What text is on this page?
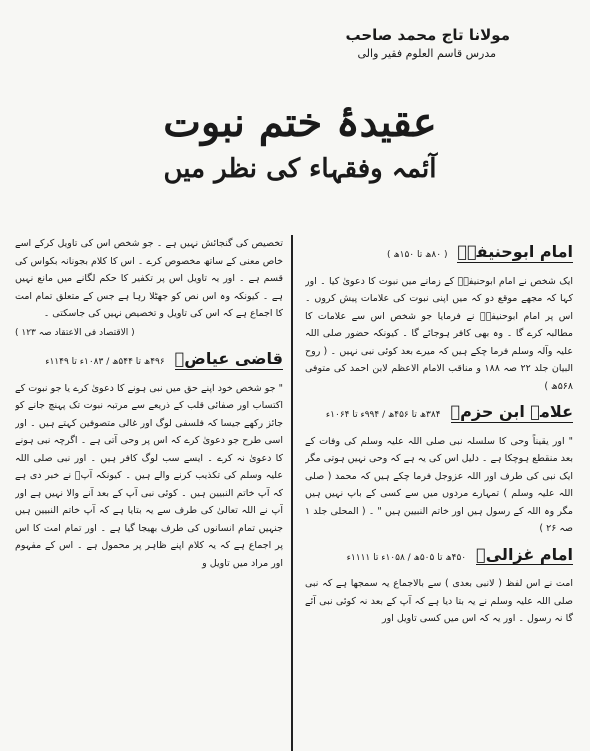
مولانا تاج محمد صاحب
مدرس قاسم العلوم فقیر والی
عقیدۂ ختم نبوت
آئمہ وفقہاء کی نظر میں
امام ابوحنیفہؒ
( ۸۰ھ تا ۱۵۰ھ )

ایک شخص نے امام ابوحنیفہؒ کے زمانے میں نبوت کا دعویٰ کیا ۔ اور کہا کہ مجھے موقع دو کہ میں اپنی نبوت کی علامات پیش کروں ۔ اس پر امام ابوحنیفہؒ نے فرمایا جو شخص اس سے علامات کا مطالبہ کرے گا ۔ وہ بھی کافر ہوجائے گا ۔ کیونکہ حضور صلی اللہ علیہ وآلہ وسلم فرما چکے ہیں کہ میرے بعد کوئی نبی نہیں ۔ ( روح البیان جلد ۲۲ صہ ۱۸۸ و مناقب الامام الاعظم لابن احمد کی متوفی ۵۶۸ھ )

علامہ ابن حزمؒ
۳۸۴ھ تا ۴۵۶ھ / ۹۹۴ء تا ۱۰۶۴ء

" اور یقیناً وحی کا سلسلہ نبی صلی اللہ علیہ وسلم کی وفات کے بعد منقطع ہوچکا ہے ۔ دلیل اس کی یہ ہے کہ وحی نہیں ہوتی مگر ایک نبی کی طرف اور اللہ عزوجل فرما چکے ہیں کہ محمد ( صلی اللہ علیہ وسلم ) تمہارے مردوں میں سے کسی کے باپ نہیں ہیں مگر وہ اللہ کے رسول ہیں اور خاتم النبیین ہیں " ۔ ( المحلی جلد ۱ صہ ۲۶ )

امام غزالیؒ
۴۵۰ھ تا ۵۰۵ھ / ۱۰۵۸ء تا ۱۱۱۱ء

امت نے اس لفظ ( لانبی بعدی ) سے بالاجماع یہ سمجھا ہے کہ نبی صلی اللہ علیہ وسلم نے یہ بتا دیا ہے کہ آپ کے بعد نہ کوئی نبی آئے گا نہ رسول ۔ اور یہ کہ اس میں کسی تاویل اور

تخصیص کی گنجائش نہیں ہے ۔ جو شخص اس کی تاویل کرکے اسے خاص معنی کے ساتھ مخصوص کرے ۔ اس کا کلام بجونانہ بکواس کی قسم ہے ۔ اور یہ تاویل اس پر تکفیر کا حکم لگانے میں مانع نہیں ہے ۔ کیونکہ وہ اس نص کو جھٹلا رہا ہے جس کے متعلق تمام امت کا اجماع ہے کہ اس کی تاویل و تخصیص نہیں کی جاسکتی ۔

( الاقتصاد فی الاعتقاد صہ ۱۲۳ )
قاضی عیاضؒ
۴۹۶ھ تا ۵۴۴ھ / ۱۰۸۳ء تا ۱۱۴۹ء

" جو شخص خود اپنے حق میں نبی ہونے کا دعویٰ کرے یا جو نبوت کے اکتساب اور صفائی قلب کے ذریعے سے مرتبہ نبوت تک پہنچ جانے کو جائز رکھے جیسا کہ فلسفی لوگ اور غالی متصوفین کہتے ہیں ۔ اور اسی طرح جو دعویٰ کرے کہ اس پر وحی آتی ہے ۔ اگرچہ نبی ہونے کا دعویٰ نہ کرے ۔ ایسے سب لوگ کافر ہیں ۔ اور نبی صلی اللہ علیہ وسلم کی تکذیب کرنے والے ہیں ۔ کیونکہ آپؐ نے خبر دی ہے کہ آپ خاتم النبیین ہیں ۔ کوئی نبی آپ کے بعد آنے والا نہیں ہے اور آپ نے اللہ تعالیٰ کی طرف سے یہ بتایا ہے کہ آپ خاتم النبیین ہیں جنہیں تمام انسانوں کی طرف بھیجا گیا ہے ۔ اور تمام امت کا اس پر اجماع ہے کہ یہ کلام اپنے ظاہر پر محمول ہے ۔ اس کے مفہوم اور مراد میں تاویل و
